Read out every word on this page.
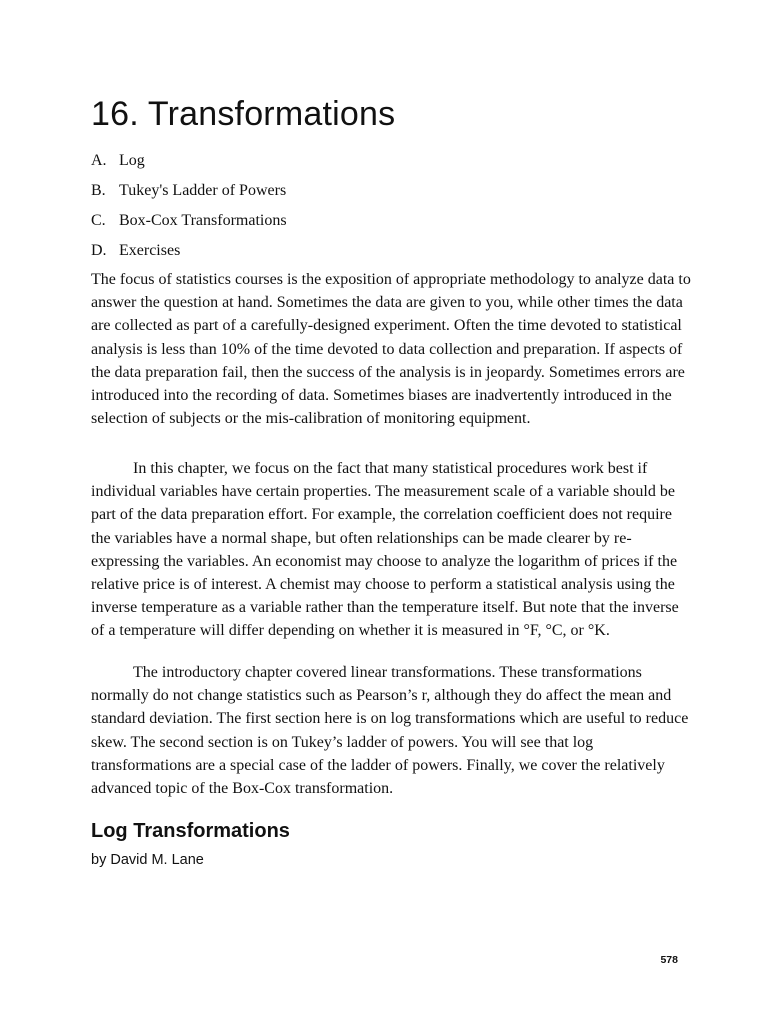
16. Transformations
A. Log
B. Tukey's Ladder of Powers
C. Box-Cox Transformations
D. Exercises

The focus of statistics courses is the exposition of appropriate methodology to analyze data to answer the question at hand. Sometimes the data are given to you, while other times the data are collected as part of a carefully-designed experiment. Often the time devoted to statistical analysis is less than 10% of the time devoted to data collection and preparation. If aspects of the data preparation fail, then the success of the analysis is in jeopardy. Sometimes errors are introduced into the recording of data. Sometimes biases are inadvertently introduced in the selection of subjects or the mis-calibration of monitoring equipment.

In this chapter, we focus on the fact that many statistical procedures work best if individual variables have certain properties. The measurement scale of a variable should be part of the data preparation effort. For example, the correlation coefficient does not require the variables have a normal shape, but often relationships can be made clearer by re-expressing the variables. An economist may choose to analyze the logarithm of prices if the relative price is of interest. A chemist may choose to perform a statistical analysis using the inverse temperature as a variable rather than the temperature itself. But note that the inverse of a temperature will differ depending on whether it is measured in °F, °C, or °K.

The introductory chapter covered linear transformations. These transformations normally do not change statistics such as Pearson’s r, although they do affect the mean and standard deviation. The first section here is on log transformations which are useful to reduce skew. The second section is on Tukey’s ladder of powers. You will see that log transformations are a special case of the ladder of powers. Finally, we cover the relatively advanced topic of the Box-Cox transformation.

Log Transformations

by David M. Lane

578
